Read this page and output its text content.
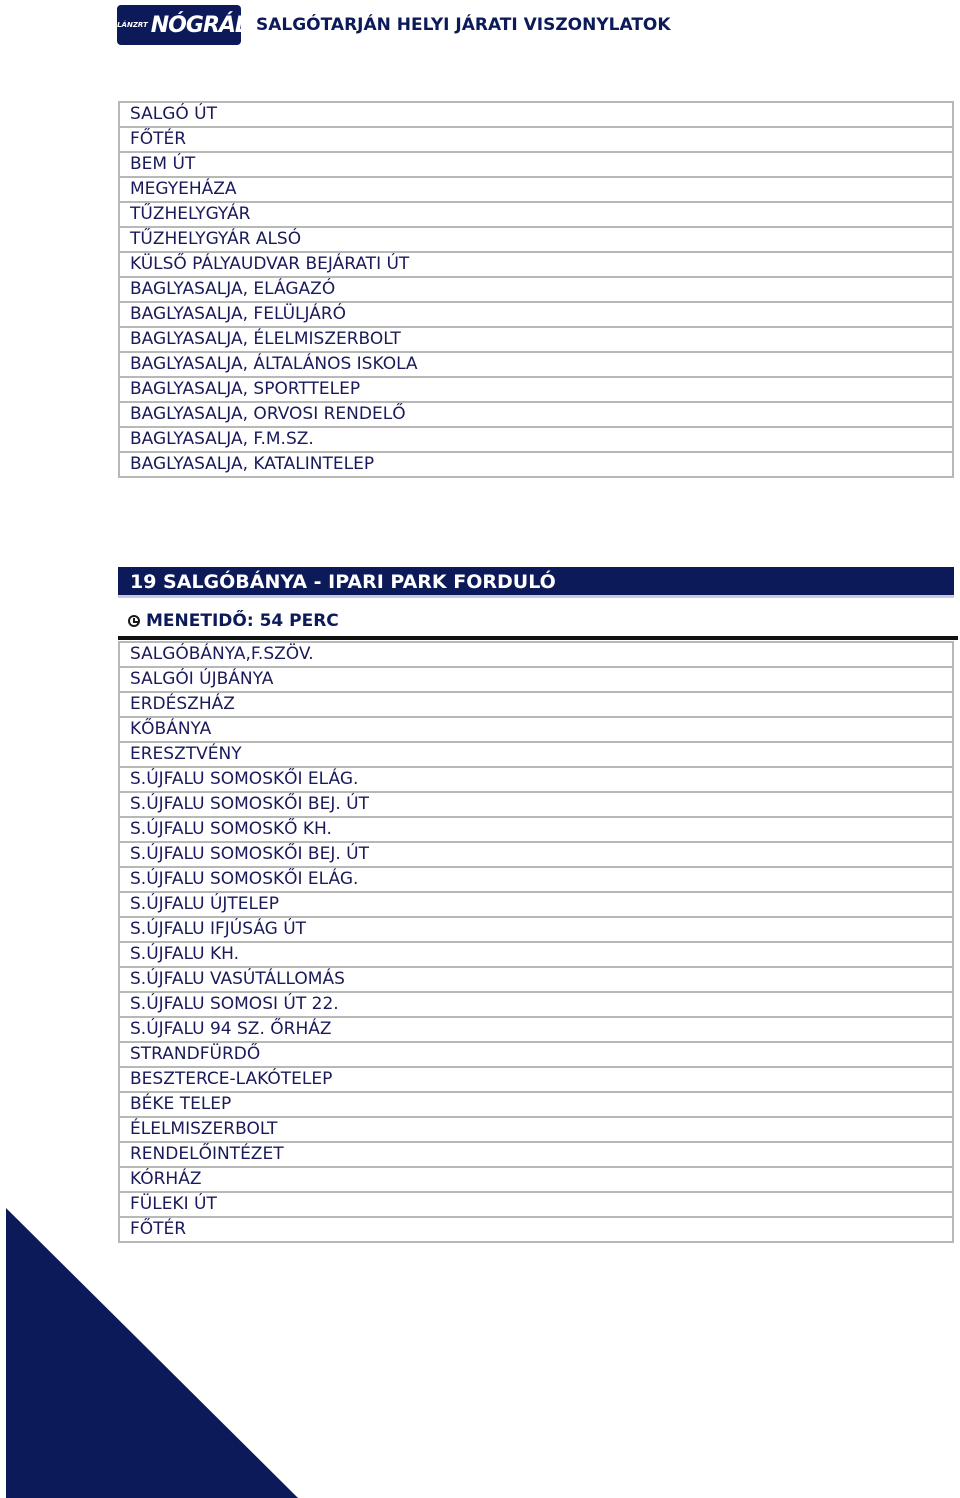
VOLÁNZRT NÓGRÁD SALGÓTARJÁN HELYI JÁRATI VISZONYLATOK
SALGÓ ÚT
FŐTÉR
BEM ÚT
MEGYEHÁZA
TŰZHELYGYÁR
TŰZHELYGYÁR ALSÓ
KÜLSŐ PÁLYAUDVAR BEJÁRATI ÚT
BAGLYASALJA, ELÁGAZÓ
BAGLYASALJA, FELÜLJÁRÓ
BAGLYASALJA, ÉLELMISZERBOLT
BAGLYASALJA, ÁLTALÁNOS ISKOLA
BAGLYASALJA, SPORTTELEP
BAGLYASALJA, ORVOSI RENDELŐ
BAGLYASALJA, F.M.SZ.
BAGLYASALJA, KATALINTELEP
19 SALGÓBÁNYA - IPARI PARK FORDULÓ
MENETIDŐ: 54 PERC
SALGÓBÁNYA,F.SZÖV.
SALGÓI ÚJBÁNYA
ERDÉSZHÁZ
KŐBÁNYA
ERESZTVÉNY
S.ÚJFALU SOMOSKŐI ELÁG.
S.ÚJFALU SOMOSKŐI BEJ. ÚT
S.ÚJFALU SOMOSKŐ KH.
S.ÚJFALU SOMOSKŐI BEJ. ÚT
S.ÚJFALU SOMOSKŐI ELÁG.
S.ÚJFALU ÚJTELEP
S.ÚJFALU IFJÚSÁG ÚT
S.ÚJFALU KH.
S.ÚJFALU VASÚTÁLLOMÁS
S.ÚJFALU SOMOSI ÚT 22.
S.ÚJFALU 94 SZ. ŐRHÁZ
STRANDFÜRDŐ
BESZTERCE-LAKÓTELEP
BÉKE TELEP
ÉLELMISZERBOLT
RENDELŐINTÉZET
KÓRHÁZ
FÜLEKI ÚT
FŐTÉR
17
